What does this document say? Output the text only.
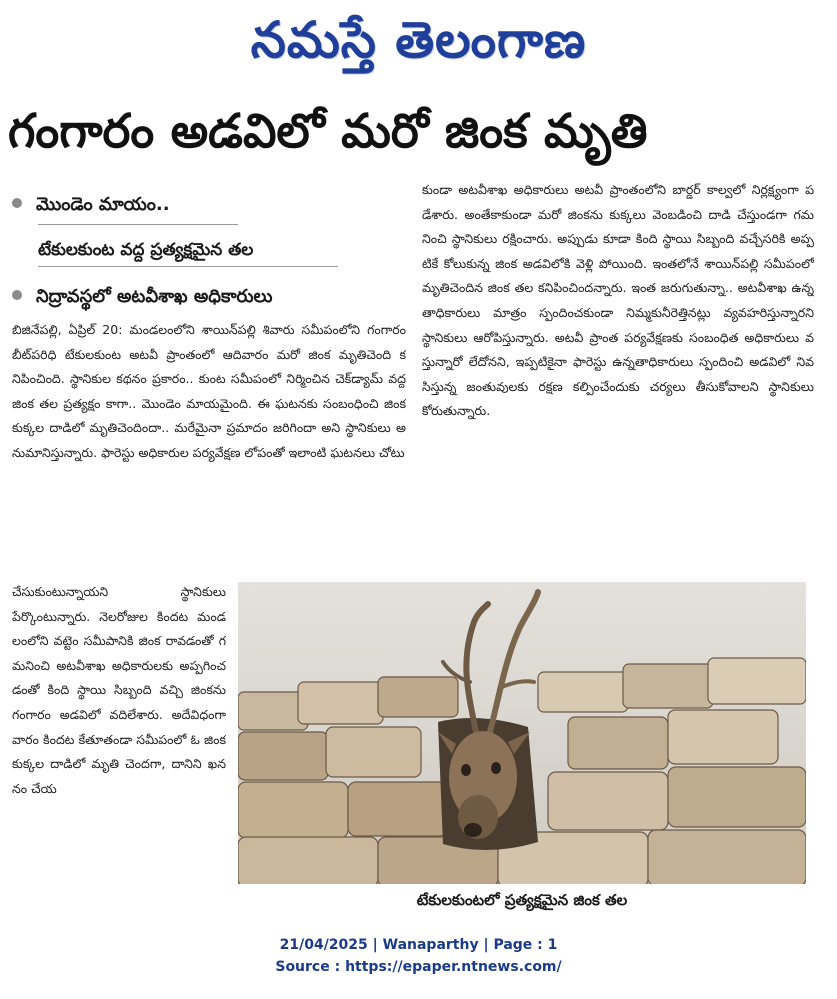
నమస్తే తెలంగాణ
గంగారం అడవిలో మరో జింక మృతి
మొండెం మాయం..
టేకులకుంట వద్ద ప్రత్యక్షమైన తల
నిద్రావస్థలో అటవీశాఖ అధికారులు
బిజినేపల్లి, ఏప్రిల్ 20: మండలంలోని శాయిన్‌పల్లి శివారు సమీపంలోని గంగారం బీట్‌పరిధి టేకులకుంట అటవీ ప్రాంతంలో ఆదివారం మరో జింక మృతిచెంది కనిపించింది. స్థానికుల కథనం ప్రకారం.. కుంట సమీపంలో నిర్మించిన చెక్‌డ్యామ్ వద్ద జింక తల ప్రత్యక్షం కాగా.. మొండెం మాయమైంది. ఈ ఘటనకు సంబంధించి జింక కుక్కల దాడిలో మృతిచెందిందా.. మరేమైనా ప్రమాదం జరిగిందా అని స్థానికులు అనుమానిస్తున్నారు. ఫారెస్టు అధికారుల పర్యవేక్షణ లోపంతో ఇలాంటి ఘటనలు చోటు
చేసుకుంటున్నాయని స్థానికులు పేర్కొంటున్నారు. నెలరోజుల కిందట మండలంలోని వట్టెం సమీపానికి జింక రావడంతో గమనించి అటవీశాఖ అధికారులకు అప్పగించడంతో కింది స్థాయి సిబ్బంది వచ్చి జింకను గంగారం అడవిలో వదిలేశారు. అదేవిధంగా వారం కిందట కేతూతండా సమీపంలో ఓ జింక కుక్కల దాడిలో మృతి చెందగా, దానిని ఖననం చేయ
కుండా అటవీశాఖ అధికారులు అటవీ ప్రాంతంలోని బార్డర్ కాల్వలో నిర్లక్ష్యంగా పడేశారు. అంతేకాకుండా మరో జింకను కుక్కలు వెంబడించి దాడి చేస్తుండగా గమనించి స్థానికులు రక్షించారు. అప్పుడు కూడా కింది స్థాయి సిబ్బంది వచ్చేసరికి అప్పటికే కోలుకున్న జింక అడవిలోకి వెళ్లి పోయింది. ఇంతలోనే శాయిన్‌పల్లి సమీపంలో మృతిచెందిన జింక తల కనిపించిందన్నారు. ఇంత జరుగుతున్నా.. అటవీశాఖ ఉన్నతాధికారులు మాత్రం స్పందించకుండా నిమ్మకునీరెత్తినట్లు వ్యవహరిస్తున్నారని స్థానికులు ఆరోపిస్తున్నారు. అటవీ ప్రాంత పర్యవేక్షణకు సంబంధిత అధికారులు వస్తున్నారో లేదోనని, ఇప్పటికైనా ఫారెస్టు ఉన్నతాధికారులు స్పందించి అడవిలో నివసిస్తున్న జంతువులకు రక్షణ కల్పించేందుకు చర్యలు తీసుకోవాలని స్థానికులు కోరుతున్నారు.
టేకులకుంటలో ప్రత్యక్షమైన జింక తల
21/04/2025 | Wanaparthy | Page : 1
Source : https://epaper.ntnews.com/
